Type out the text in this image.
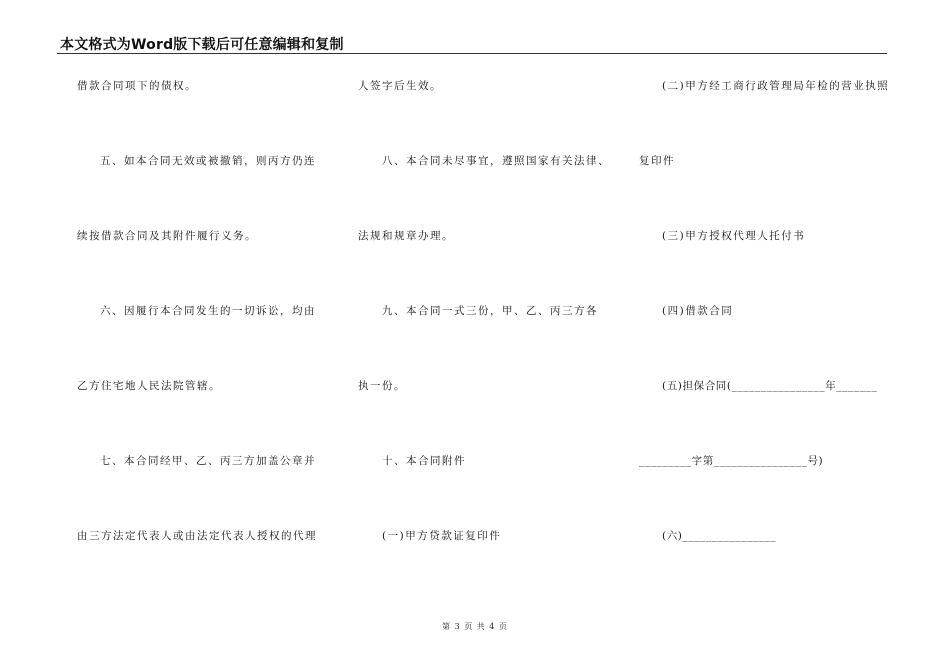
本文格式为Word版下载后可任意编辑和复制
借款合同项下的债权。
五、如本合同无效或被撤销，则丙方仍连
续按借款合同及其附件履行义务。
六、因履行本合同发生的一切诉讼，均由
乙方住宅地人民法院管辖。
七、本合同经甲、乙、丙三方加盖公章并
由三方法定代表人或由法定代表人授权的代理
人签字后生效。
八、本合同未尽事宜，遵照国家有关法律、
法规和规章办理。
九、本合同一式三份，甲、乙、丙三方各
执一份。
十、本合同附件
(一)甲方贷款证复印件
(二)甲方经工商行政管理局年检的营业执照
复印件
(三)甲方授权代理人托付书
(四)借款合同
(五)担保合同(________________年_______
_________字第________________号)
(六)________________
第 3 页 共 4 页
